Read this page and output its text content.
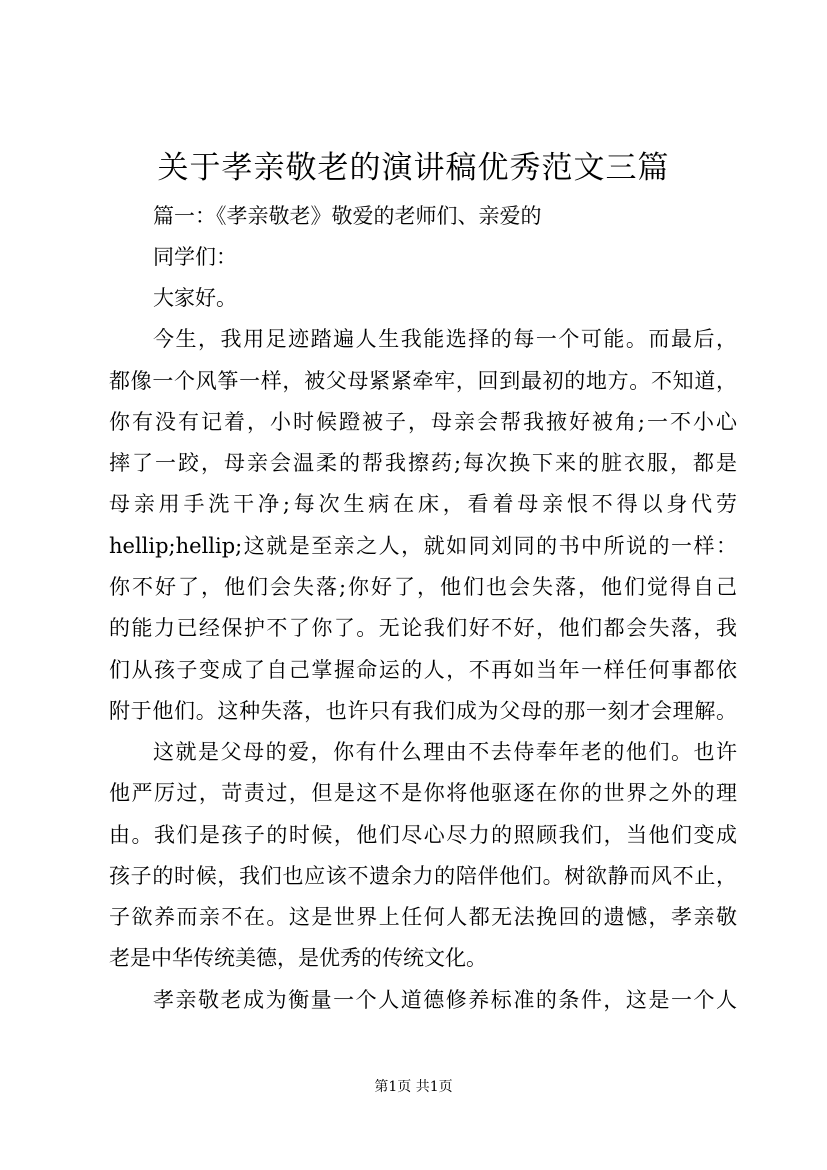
关于孝亲敬老的演讲稿优秀范文三篇

篇一：《孝亲敬老》敬爱的老师们、亲爱的

同学们：

大家好。

今生，我用足迹踏遍人生我能选择的每一个可能。而最后，

都像一个风筝一样，被父母紧紧牵牢，回到最初的地方。不知道，

你有没有记着，小时候蹬被子，母亲会帮我掖好被角;一不小心

摔了一跤，母亲会温柔的帮我擦药;每次换下来的脏衣服，都是

母亲用手洗干净;每次生病在床，看着母亲恨不得以身代劳

hellip;hellip;这就是至亲之人，就如同刘同的书中所说的一样：

你不好了，他们会失落;你好了，他们也会失落，他们觉得自己

的能力已经保护不了你了。无论我们好不好，他们都会失落，我

们从孩子变成了自己掌握命运的人，不再如当年一样任何事都依

附于他们。这种失落，也许只有我们成为父母的那一刻才会理解。

这就是父母的爱，你有什么理由不去侍奉年老的他们。也许

他严厉过，苛责过，但是这不是你将他驱逐在你的世界之外的理

由。我们是孩子的时候，他们尽心尽力的照顾我们，当他们变成

孩子的时候，我们也应该不遗余力的陪伴他们。树欲静而风不止，

子欲养而亲不在。这是世界上任何人都无法挽回的遗憾，孝亲敬

老是中华传统美德，是优秀的传统文化。

孝亲敬老成为衡量一个人道德修养标准的条件，这是一个人

第1页 共1页
